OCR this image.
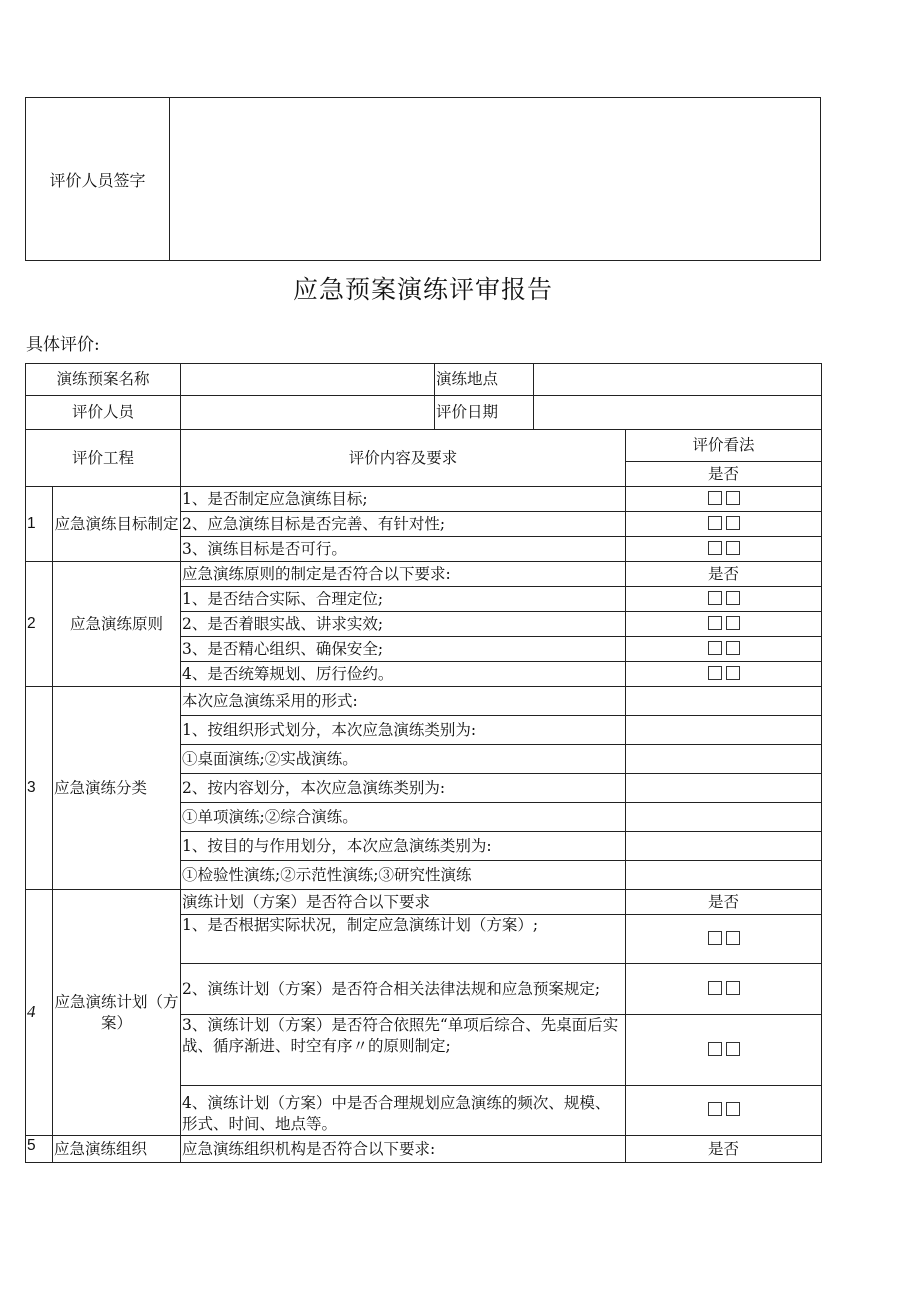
评价人员签字	
应急预案演练评审报告
具体评价:
演练预案名称			演练地点		
评价人员			评价日期		
评价工程		评价内容及要求			评价看法
					是否
1	应急演练目标制定	1、是否制定应急演练目标;			
		2、应急演练目标是否完善、有针对性;			
		3、演练目标是否可行。			
2	应急演练原则	应急演练原则的制定是否符合以下要求:			是否
		1、是否结合实际、合理定位;			
		2、是否着眼实战、讲求实效;			
		3、是否精心组织、确保安全;			
		4、是否统筹规划、厉行俭约。			
3	应急演练分类	本次应急演练采用的形式:			
		1、按组织形式划分，本次应急演练类别为:			
		①桌面演练;②实战演练。			
		2、按内容划分，本次应急演练类别为:			
		①单项演练;②综合演练。			
		1、按目的与作用划分，本次应急演练类别为:			
		①检验性演练;②示范性演练;③研究性演练			
4	应急演练计划（方案）	演练计划（方案）是否符合以下要求			是否
		1、是否根据实际状况，制定应急演练计划（方案）;			
		2、演练计划（方案）是否符合相关法律法规和应急预案规定;			
		3、演练计划（方案）是否符合依照先“单项后综合、先桌面后实战、循序渐进、时空有序〃的原则制定;			
		4、演练计划（方案）中是否合理规划应急演练的频次、规模、形式、时间、地点等。			
5	应急演练组织	应急演练组织机构是否符合以下要求:			是否
